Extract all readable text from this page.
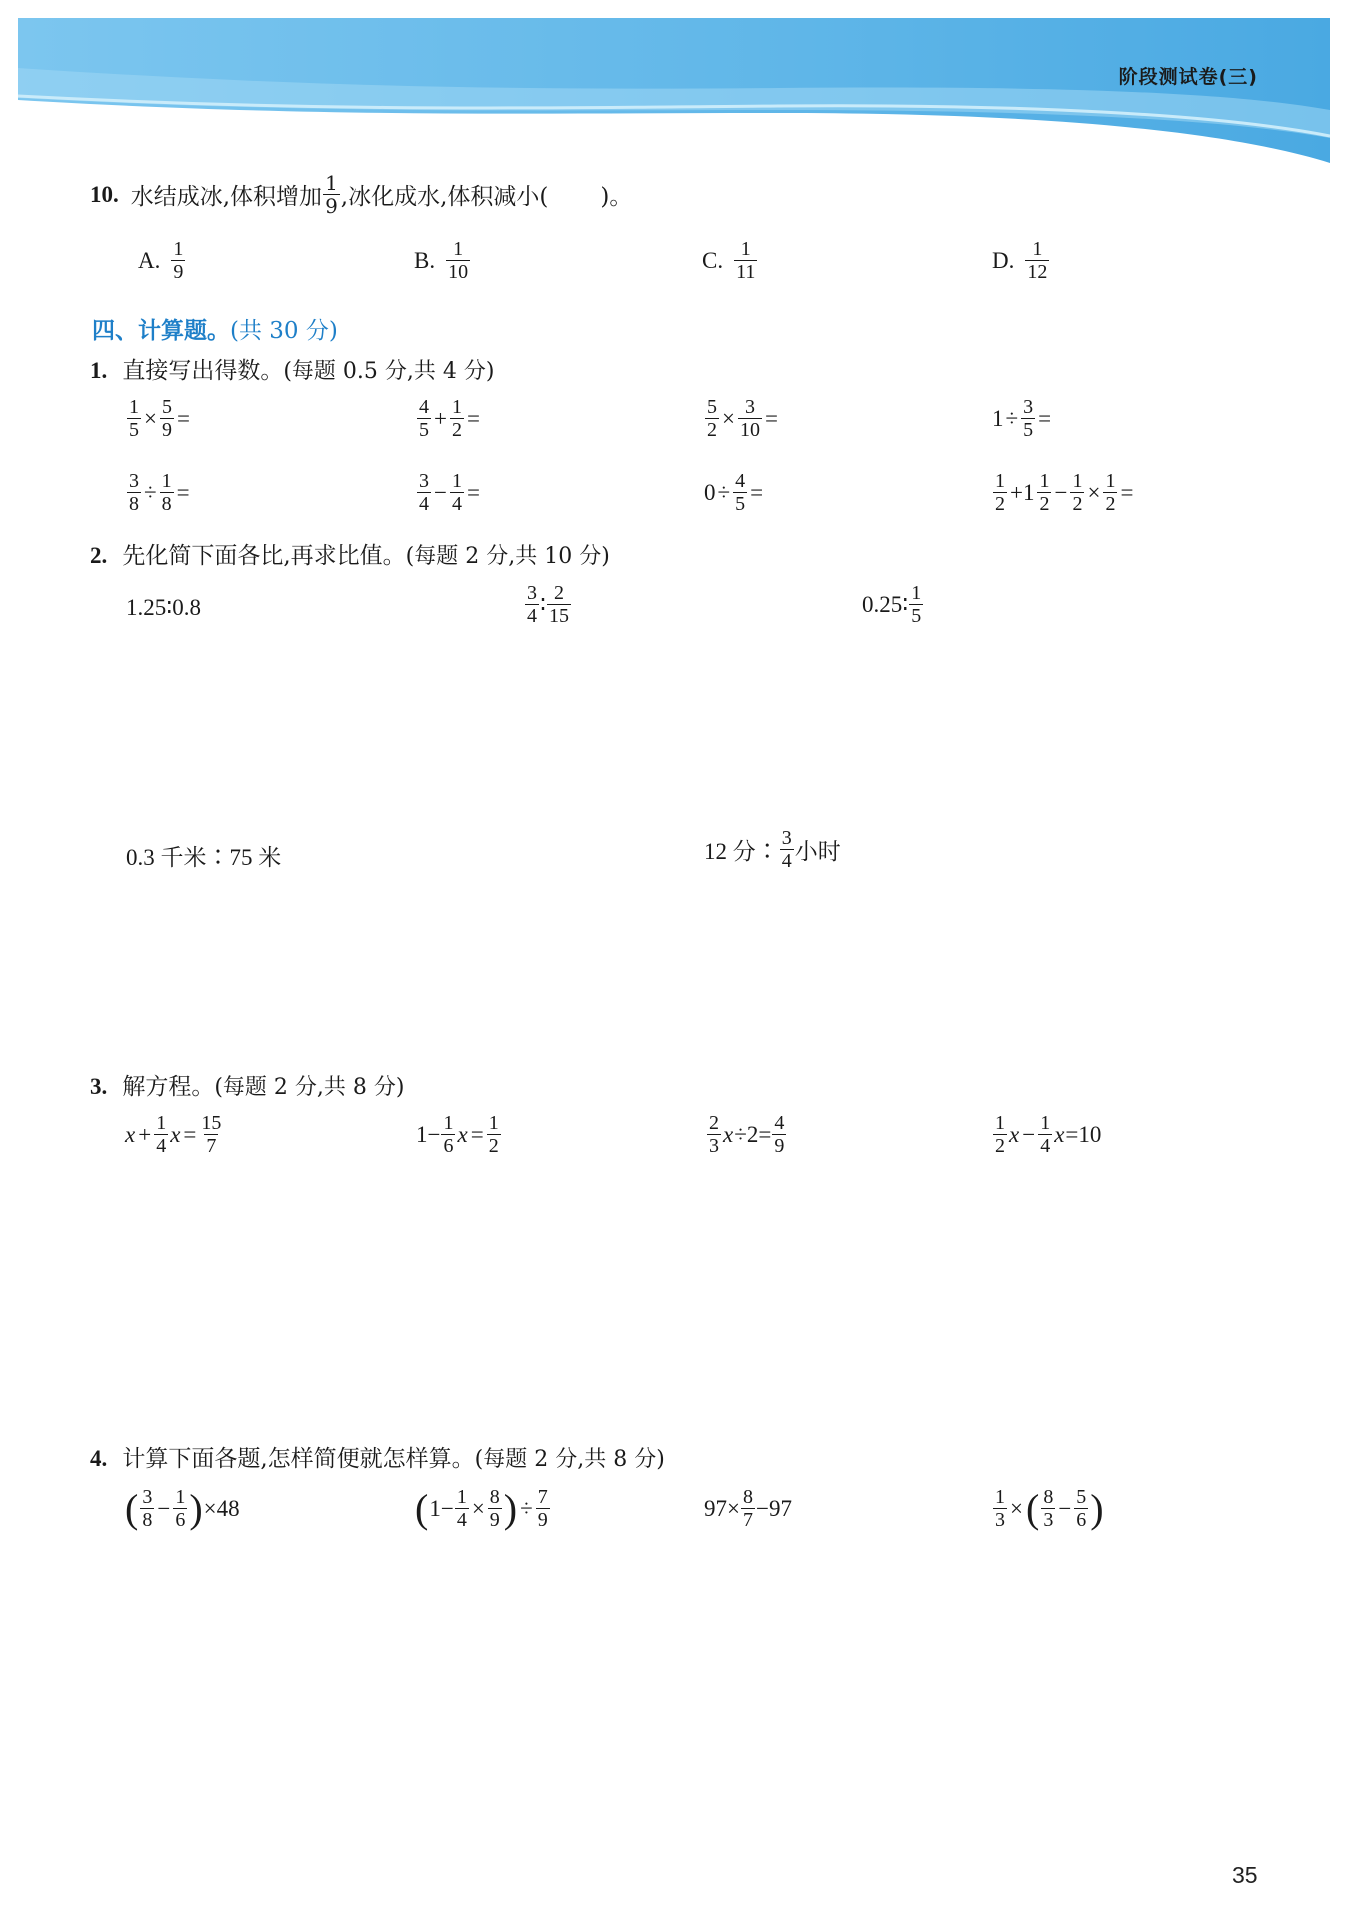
阶段测试卷(三)
10. 水结成冰,体积增加 $\frac{1}{9}$ ,冰化成水,体积减小( )。
A. $\frac{1}{9}$	B. $\frac{1}{10}$	C. $\frac{1}{11}$	D. $\frac{1}{12}$
四、计算题。(共 30 分)
1. 直接写出得数。(每题 0.5 分,共 4 分)
$\frac{1}{5} \times \frac{5}{9}$ =	$\frac{4}{5} + \frac{1}{2}$ =	$\frac{5}{2} \times \frac{3}{10}$ =	$1 \div \frac{3}{5}$ =
$\frac{3}{8} \div \frac{1}{8}$ =	$\frac{3}{4} - \frac{1}{4}$ =	$0 \div \frac{4}{5}$ =	$\frac{1}{2} +1 \frac{1}{2} - \frac{1}{2} \times \frac{1}{2}$ =
2. 先化简下面各比,再求比值。(每题 2 分,共 10 分)
1.25∶0.8	$\frac{3}{4}$ ∶ $\frac{2}{15}$	0.25∶ $\frac{1}{5}$
0.3 千米∶75 米	12 分∶ $\frac{3}{4}$ 小时
3. 解方程。(每题 2 分,共 8 分)
$x + \frac{1}{4}$ $x = \frac{15}{7}$	$1- \frac{1}{6}$ $x = \frac{1}{2}$	$\frac{2}{3}$ $x \div 2= \frac{4}{9}$	$\frac{1}{2}$ $x - \frac{1}{4}$ x =10
4. 计算下面各题,怎样简便就怎样算。(每题 2 分,共 8 分)
( $\frac{3}{8} - \frac{1}{6}$ ) ×48	( $1- \frac{1}{4} \times \frac{8}{9}$ ) ÷ $\frac{7}{9}$	$97\times \frac{8}{7} -97$	$\frac{1}{3}$ × ( $\frac{8}{3} - \frac{5}{6}$ )
35
